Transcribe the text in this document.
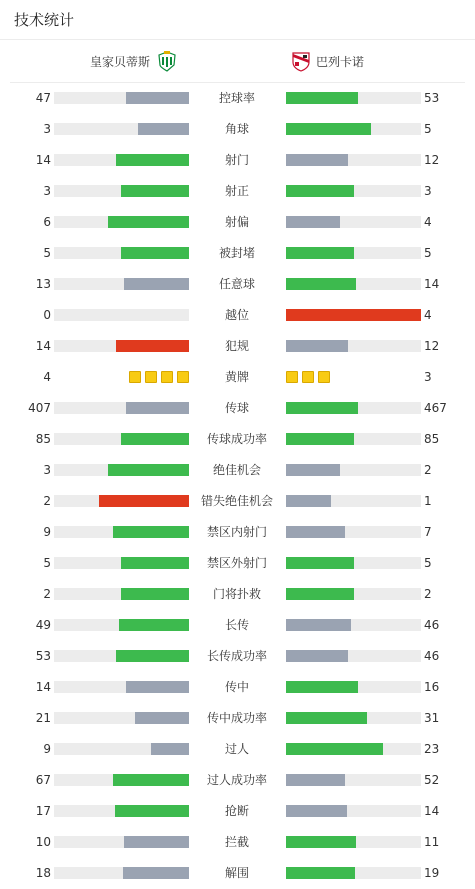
技术统计
皇家贝蒂斯	巴列卡诺
47	控球率	53
3	角球	5
14	射门	12
3	射正	3
6	射偏	4
5	被封堵	5
13	任意球	14
0	越位	4
14	犯规	12
4	黄牌	3
407	传球	467
85	传球成功率	85
3	绝佳机会	2
2	错失绝佳机会	1
9	禁区内射门	7
5	禁区外射门	5
2	门将扑救	2
49	长传	46
53	长传成功率	46
14	传中	16
21	传中成功率	31
9	过人	23
67	过人成功率	52
17	抢断	14
10	拦截	11
18	解围	19
